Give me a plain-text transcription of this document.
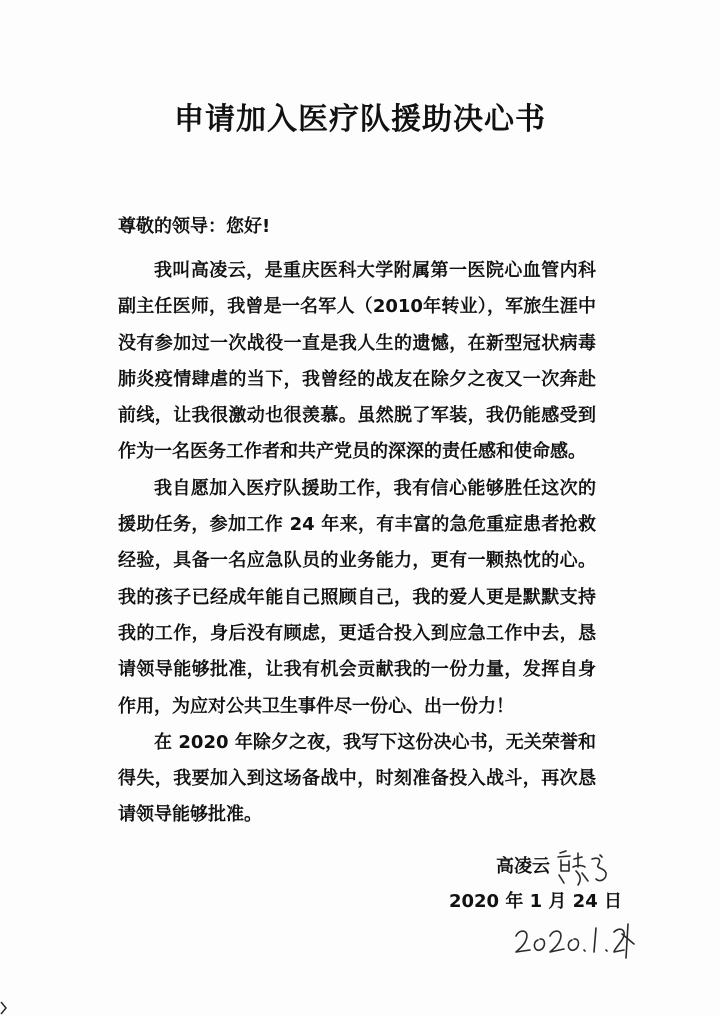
申请加入医疗队援助决心书

尊敬的领导：您好!

我叫高凌云，是重庆医科大学附属第一医院心血管内科副主任医师，我曾是一名军人（2010年转业），军旅生涯中没有参加过一次战役一直是我人生的遗憾，在新型冠状病毒肺炎疫情肆虐的当下，我曾经的战友在除夕之夜又一次奔赴前线，让我很激动也很羡慕。虽然脱了军装，我仍能感受到作为一名医务工作者和共产党员的深深的责任感和使命感。

我自愿加入医疗队援助工作，我有信心能够胜任这次的援助任务，参加工作 24 年来，有丰富的急危重症患者抢救经验，具备一名应急队员的业务能力，更有一颗热忱的心。我的孩子已经成年能自己照顾自己，我的爱人更是默默支持我的工作，身后没有顾虑，更适合投入到应急工作中去，恳请领导能够批准，让我有机会贡献我的一份力量，发挥自身作用，为应对公共卫生事件尽一份心、出一份力！

在 2020 年除夕之夜，我写下这份决心书，无关荣誉和得失，我要加入到这场备战中，时刻准备投入战斗，再次恳请领导能够批准。

高凌云
2020 年 1 月 24 日
